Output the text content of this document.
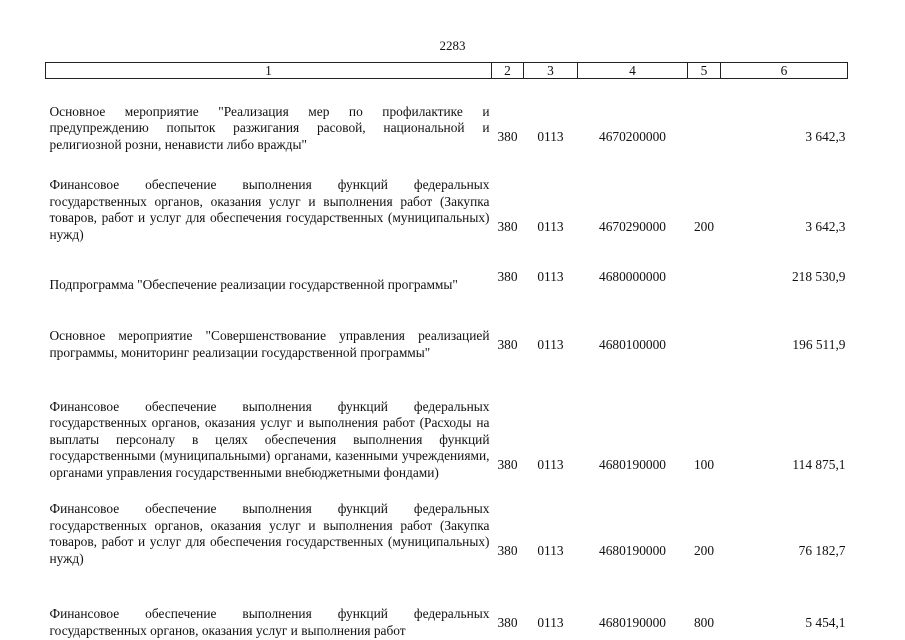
2283
1	2	3	4	5	6

Основное мероприятие "Реализация мер по профилактике и предупреждению попыток разжигания расовой, национальной и религиозной розни, ненависти либо вражды"	380	0113	4670200000		3 642,3

Финансовое обеспечение выполнения функций федеральных государственных органов, оказания услуг и выполнения работ (Закупка товаров, работ и услуг для обеспечения государственных (муниципальных) нужд)	380	0113	4670290000	200	3 642,3

Подпрограмма "Обеспечение реализации государственной программы"	380	0113	4680000000		218 530,9

Основное мероприятие "Совершенствование управления реализацией программы, мониторинг реализации государственной программы"	380	0113	4680100000		196 511,9

Финансовое обеспечение выполнения функций федеральных государственных органов, оказания услуг и выполнения работ (Расходы на выплаты персоналу в целях обеспечения выполнения функций государственными (муниципальными) органами, казенными учреждениями, органами управления государственными внебюджетными фондами)	380	0113	4680190000	100	114 875,1

Финансовое обеспечение выполнения функций федеральных государственных органов, оказания услуг и выполнения работ (Закупка товаров, работ и услуг для обеспечения государственных (муниципальных) нужд)	380	0113	4680190000	200	76 182,7

Финансовое обеспечение выполнения функций федеральных государственных органов, оказания услуг и выполнения работ	380	0113	4680190000	800	5 454,1
